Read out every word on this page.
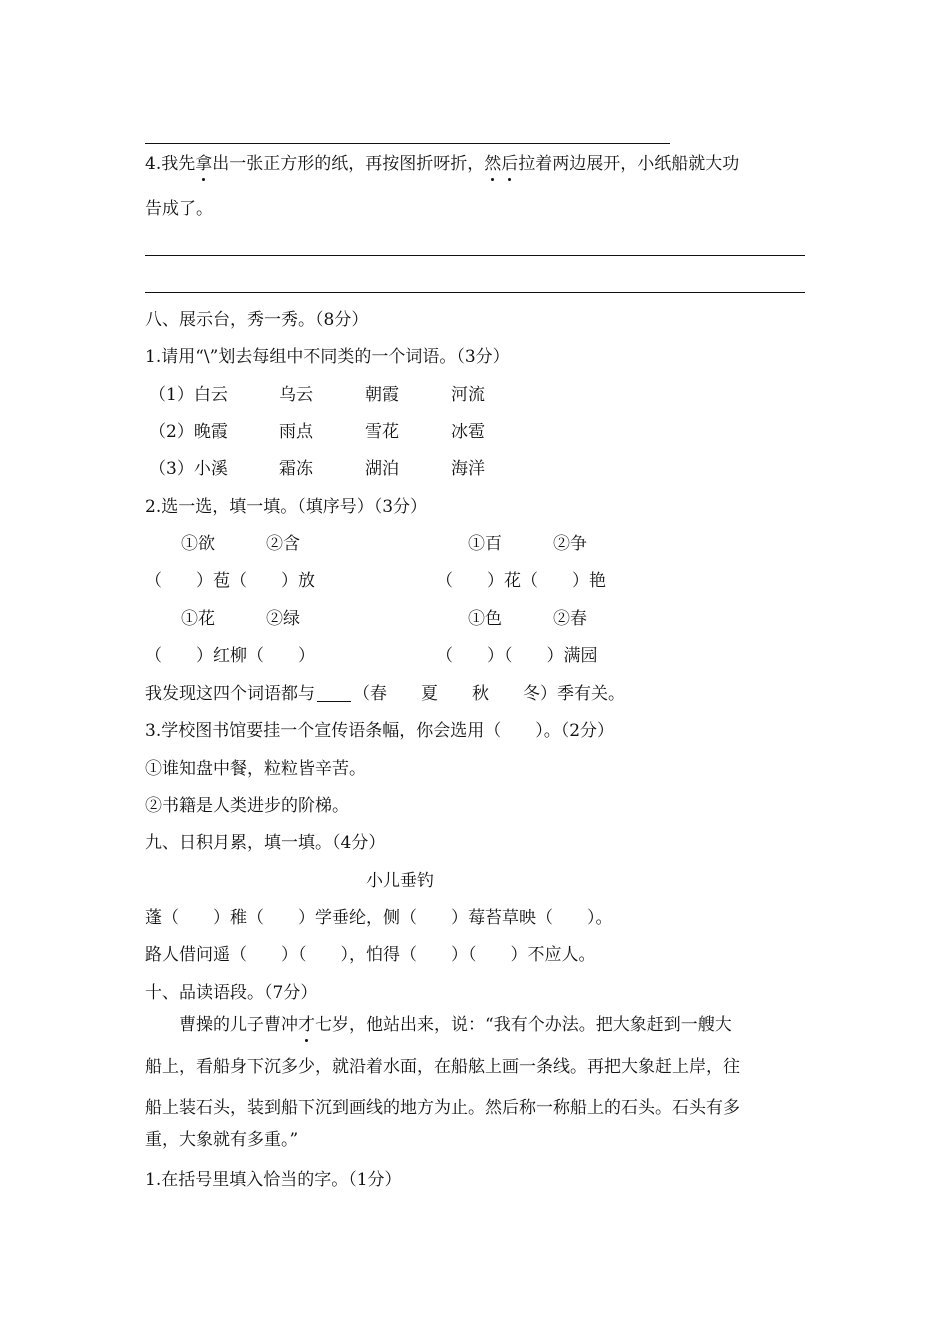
4.我先拿出一张正方形的纸，再按图折呀折，然后拉着两边展开，小纸船就大功
告成了。
八、展示台，秀一秀。（8分）
1.请用“\”划去每组中不同类的一个词语。（3分）
（1）白云	乌云	朝霞	河流
（2）晚霞	雨点	雪花	冰雹
（3）小溪	霜冻	湖泊	海洋
2.选一选，填一填。（填序号）（3分）
①欲　　　②含	①百　　　②争
（　　）苞（　　）放	（　　）花（　　）艳
①花　　　②绿	①色　　　②春
（　　）红柳（　　）	（　　）（　　）满园
我发现这四个词语都与 （春　　夏　　秋　　冬）季有关。
3.学校图书馆要挂一个宣传语条幅，你会选用（　　）。（2分）
①谁知盘中餐，粒粒皆辛苦。
②书籍是人类进步的阶梯。
九、日积月累，填一填。（4分）
小儿垂钓
蓬（　　）稚（　　）学垂纶，侧（　　）莓苔草映（　　）。
路人借问遥（　　）（　　），怕得（　　）（　　）不应人。
十、品读语段。（7分）
　　曹操的儿子曹冲才七岁，他站出来，说：“我有个办法。把大象赶到一艘大
船上，看船身下沉多少，就沿着水面，在船舷上画一条线。再把大象赶上岸，往
船上装石头，装到船下沉到画线的地方为止。然后称一称船上的石头。石头有多
重，大象就有多重。”
1.在括号里填入恰当的字。（1分）
